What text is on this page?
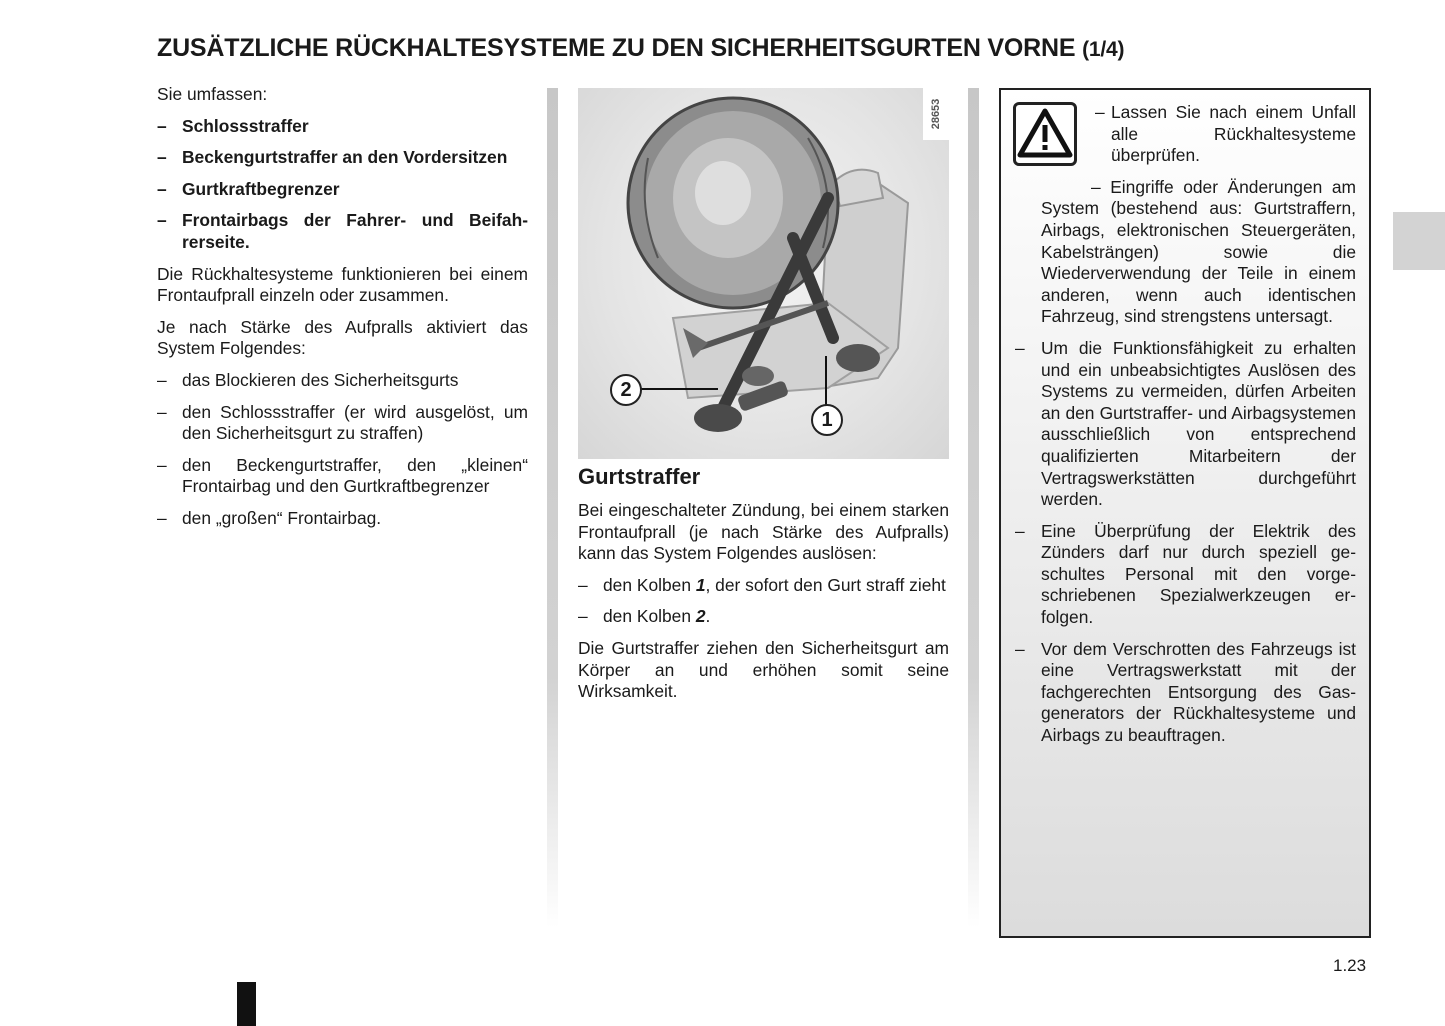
ZUSÄTZLICHE RÜCKHALTESYSTEME ZU DEN SICHERHEITSGURTEN VORNE (1/4)

Sie umfassen:

– Schlossstraffer
– Beckengurtstraffer an den Vordersitzen
– Gurtkraftbegrenzer
– Frontairbags der Fahrer- und Beifahrerseite.

Die Rückhaltesysteme funktionieren bei einem Frontaufprall einzeln oder zusammen.

Je nach Stärke des Aufpralls aktiviert das System Folgendes:

– das Blockieren des Sicherheitsgurts
– den Schlossstraffer (er wird ausgelöst, um den Sicherheitsgurt zu straffen)
– den Beckengurtstraffer, den „kleinen“ Frontairbag und den Gurtkraftbegrenzer
– den „großen“ Frontairbag.
28653
2
1
Gurtstraffer

Bei eingeschalteter Zündung, bei einem starken Frontaufprall (je nach Stärke des Aufpralls) kann das System Folgendes auslösen:

– den Kolben 1, der sofort den Gurt straff zieht
– den Kolben 2.

Die Gurtstraffer ziehen den Sicherheitsgurt am Körper an und erhöhen somit seine Wirksamkeit.

– Lassen Sie nach einem Unfall alle Rückhaltesysteme überprüfen.

– Eingriffe oder Änderungen am System (bestehend aus: Gurtstraffern, Airbags, elektronischen Steuergeräten, Kabelsträngen) sowie die Wiederverwendung der Teile in einem anderen, wenn auch identischen Fahrzeug, sind strengstens untersagt.

– Um die Funktionsfähigkeit zu erhalten und ein unbeabsichtigtes Auslösen des Systems zu vermeiden, dürfen Arbeiten an den Gurtstraffer- und Airbagsystemen ausschließlich von entsprechend qualifizierten Mitarbeitern der Vertragswerkstätten durchgeführt werden.
– Eine Überprüfung der Elektrik des Zünders darf nur durch speziell geschultes Personal mit den vorgeschriebenen Spezialwerkzeugen erfolgen.
– Vor dem Verschrotten des Fahrzeugs ist eine Vertragswerkstatt mit der fachgerechten Entsorgung des Gasgenerators der Rückhaltesysteme und Airbags zu beauftragen.
1.23
